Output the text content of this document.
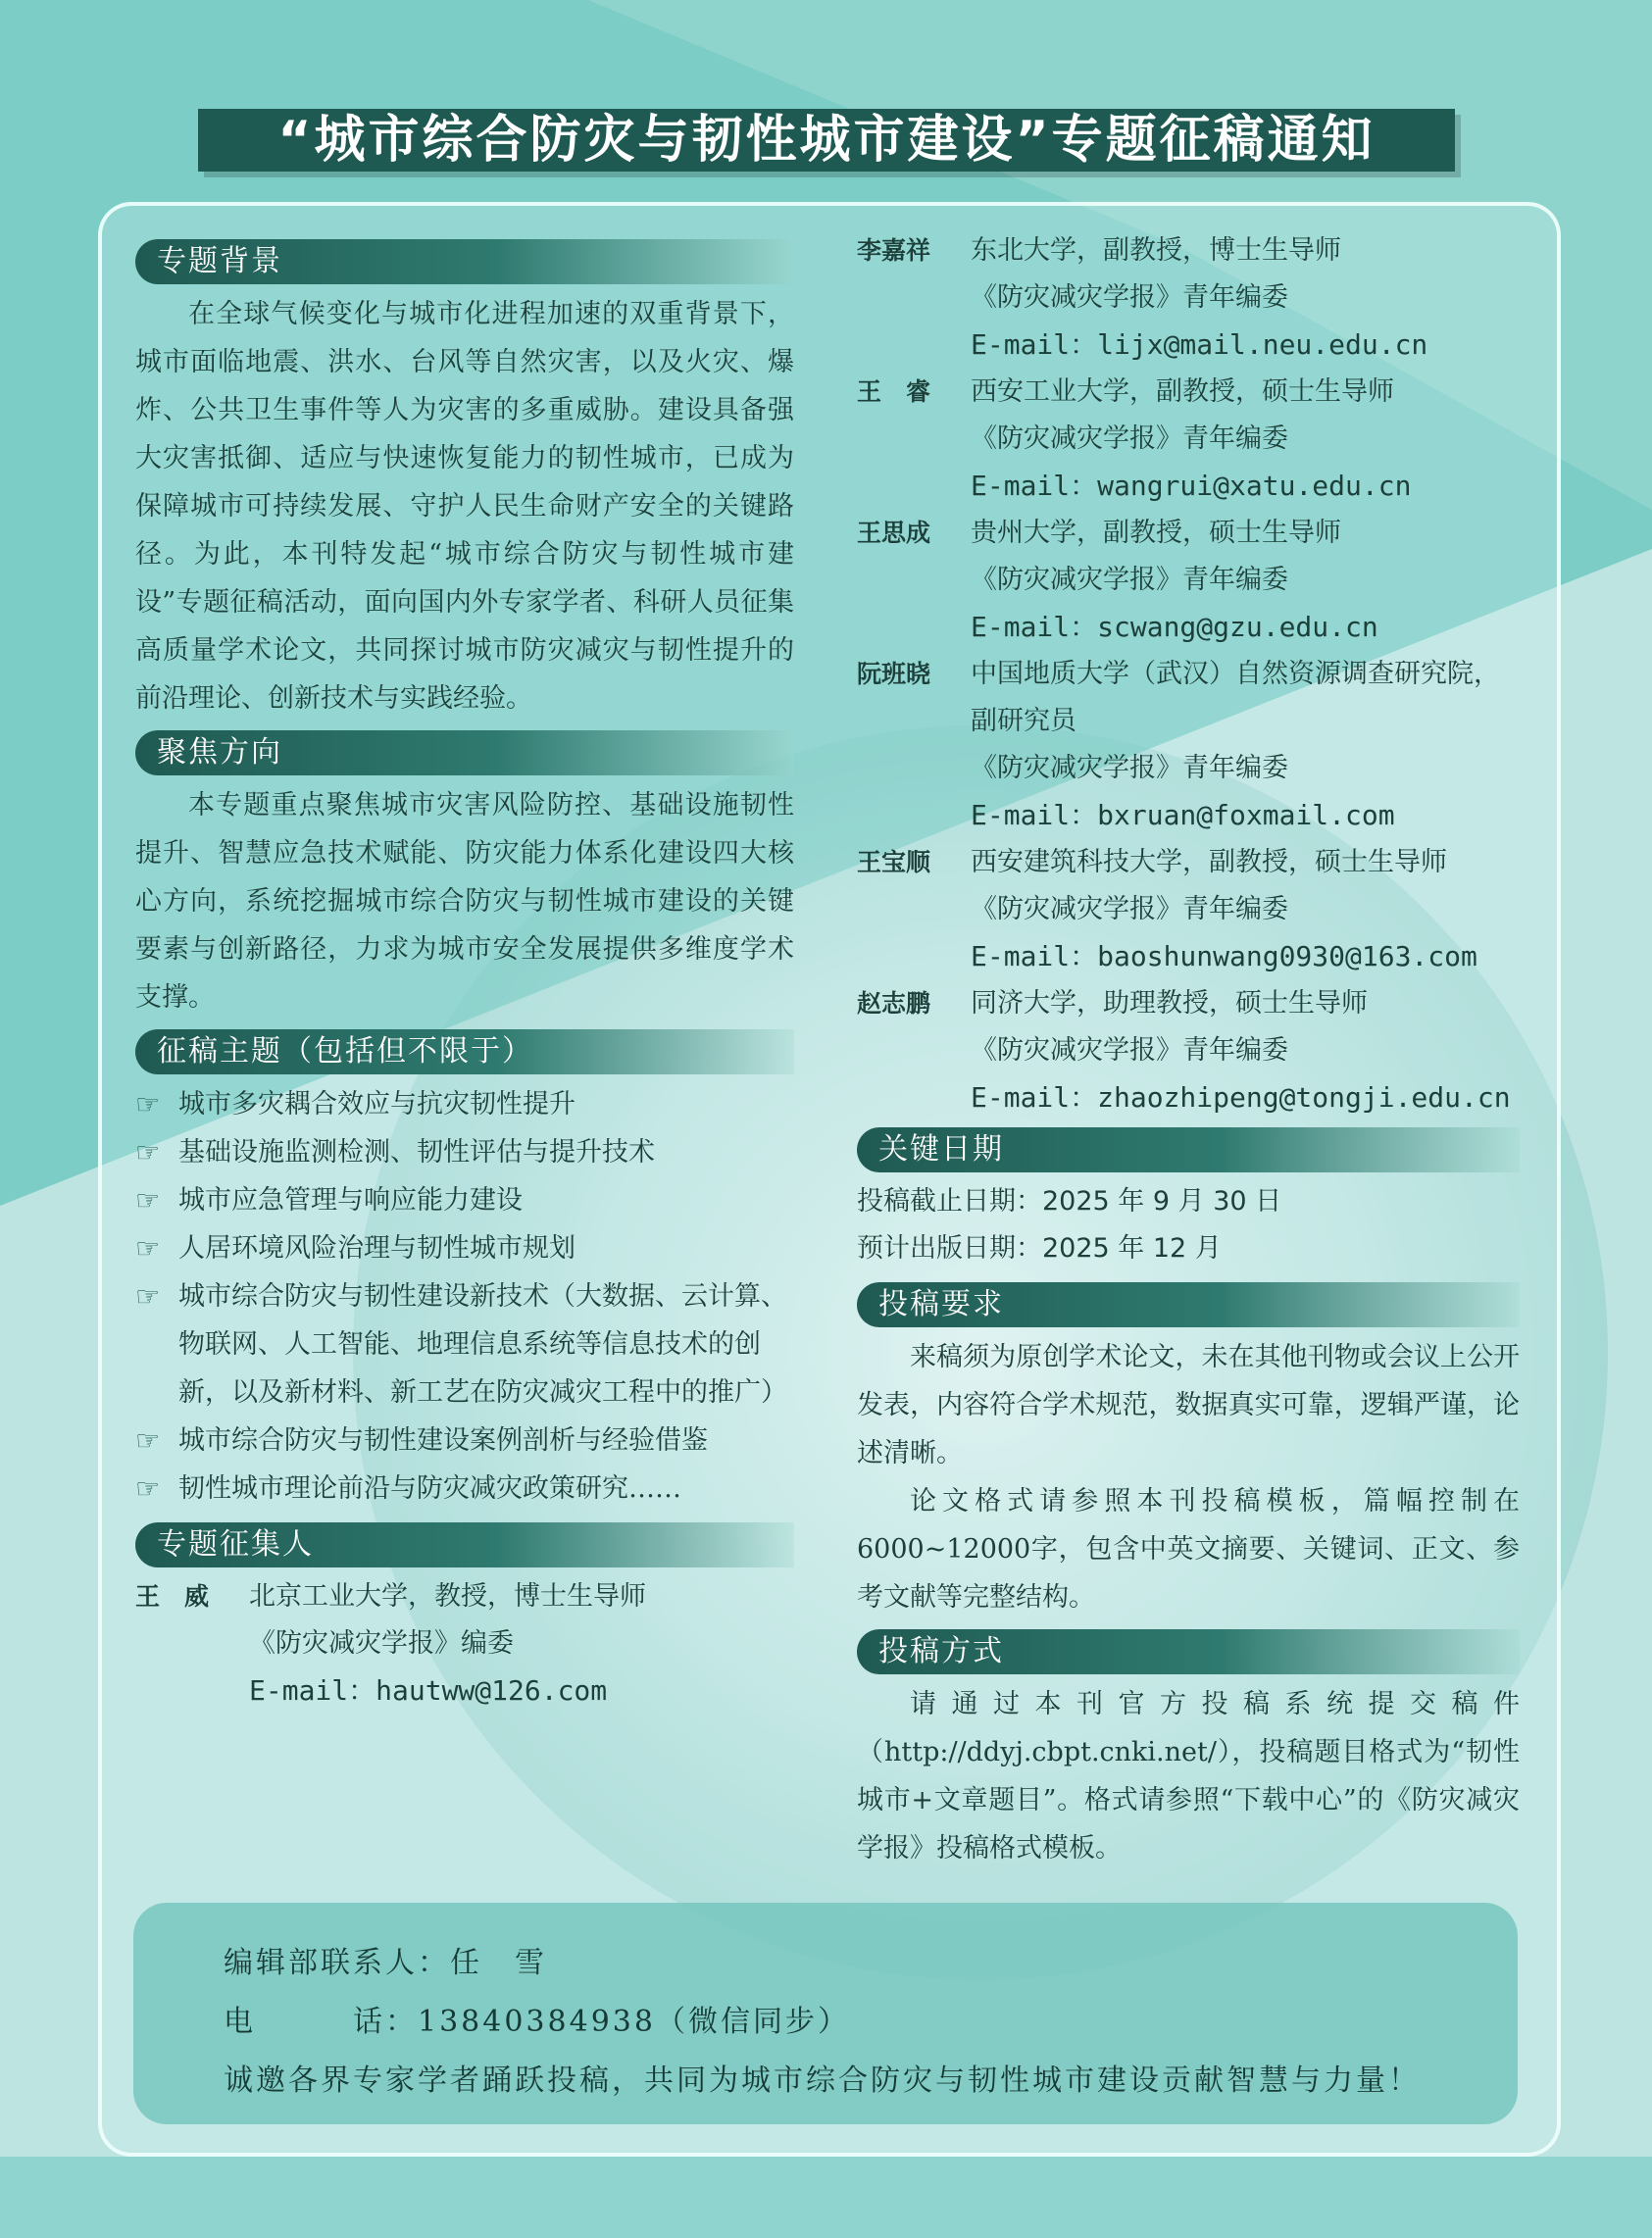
“城市综合防灾与韧性城市建设”专题征稿通知
专题背景

在全球气候变化与城市化进程加速的双重背景下，城市面临地震、洪水、台风等自然灾害，以及火灾、爆炸、公共卫生事件等人为灾害的多重威胁。建设具备强大灾害抵御、适应与快速恢复能力的韧性城市，已成为保障城市可持续发展、守护人民生命财产安全的关键路径。为此，本刊特发起“城市综合防灾与韧性城市建设”专题征稿活动，面向国内外专家学者、科研人员征集高质量学术论文，共同探讨城市防灾减灾与韧性提升的前沿理论、创新技术与实践经验。

聚焦方向

本专题重点聚焦城市灾害风险防控、基础设施韧性提升、智慧应急技术赋能、防灾能力体系化建设四大核心方向，系统挖掘城市综合防灾与韧性城市建设的关键要素与创新路径，力求为城市安全发展提供多维度学术支撑。

征稿主题（包括但不限于）

☞ 城市多灾耦合效应与抗灾韧性提升

☞ 基础设施监测检测、韧性评估与提升技术

☞ 城市应急管理与响应能力建设

☞ 人居环境风险治理与韧性城市规划

☞ 城市综合防灾与韧性建设新技术（大数据、云计算、物联网、人工智能、地理信息系统等信息技术的创新，以及新材料、新工艺在防灾减灾工程中的推广）

☞ 城市综合防灾与韧性建设案例剖析与经验借鉴

☞ 韧性城市理论前沿与防灾减灾政策研究……

专题征集人
王　威	北京工业大学，教授，博士生导师
《防灾减灾学报》编委
E-mail：hautww@126.com
李嘉祥	东北大学，副教授，博士生导师
《防灾减灾学报》青年编委
E-mail：lijx@mail.neu.edu.cn
王　睿	西安工业大学，副教授，硕士生导师
《防灾减灾学报》青年编委
E-mail：wangrui@xatu.edu.cn
王思成	贵州大学，副教授，硕士生导师
《防灾减灾学报》青年编委
E-mail：scwang@gzu.edu.cn
阮班晓	中国地质大学（武汉）自然资源调查研究院，
副研究员
《防灾减灾学报》青年编委
E-mail：bxruan@foxmail.com
王宝顺	西安建筑科技大学，副教授，硕士生导师
《防灾减灾学报》青年编委
E-mail：baoshunwang0930@163.com
赵志鹏	同济大学，助理教授，硕士生导师
《防灾减灾学报》青年编委
E-mail：zhaozhipeng@tongji.edu.cn
关键日期
投稿截止日期：2025 年 9 月 30 日
预计出版日期：2025 年 12 月
投稿要求

来稿须为原创学术论文，未在其他刊物或会议上公开发表，内容符合学术规范，数据真实可靠，逻辑严谨，论述清晰。

论文格式请参照本刊投稿模板，篇幅控制在6000~12000字，包含中英文摘要、关键词、正文、参考文献等完整结构。

投稿方式

请通过本刊官方投稿系统提交稿件（http://ddyj.cbpt.cnki.net/），投稿题目格式为“韧性城市+文章题目”。格式请参照“下载中心”的《防灾减灾学报》投稿格式模板。

编辑部联系人：任　雪
电　　　话：13840384938（微信同步）
诚邀各界专家学者踊跃投稿，共同为城市综合防灾与韧性城市建设贡献智慧与力量！
